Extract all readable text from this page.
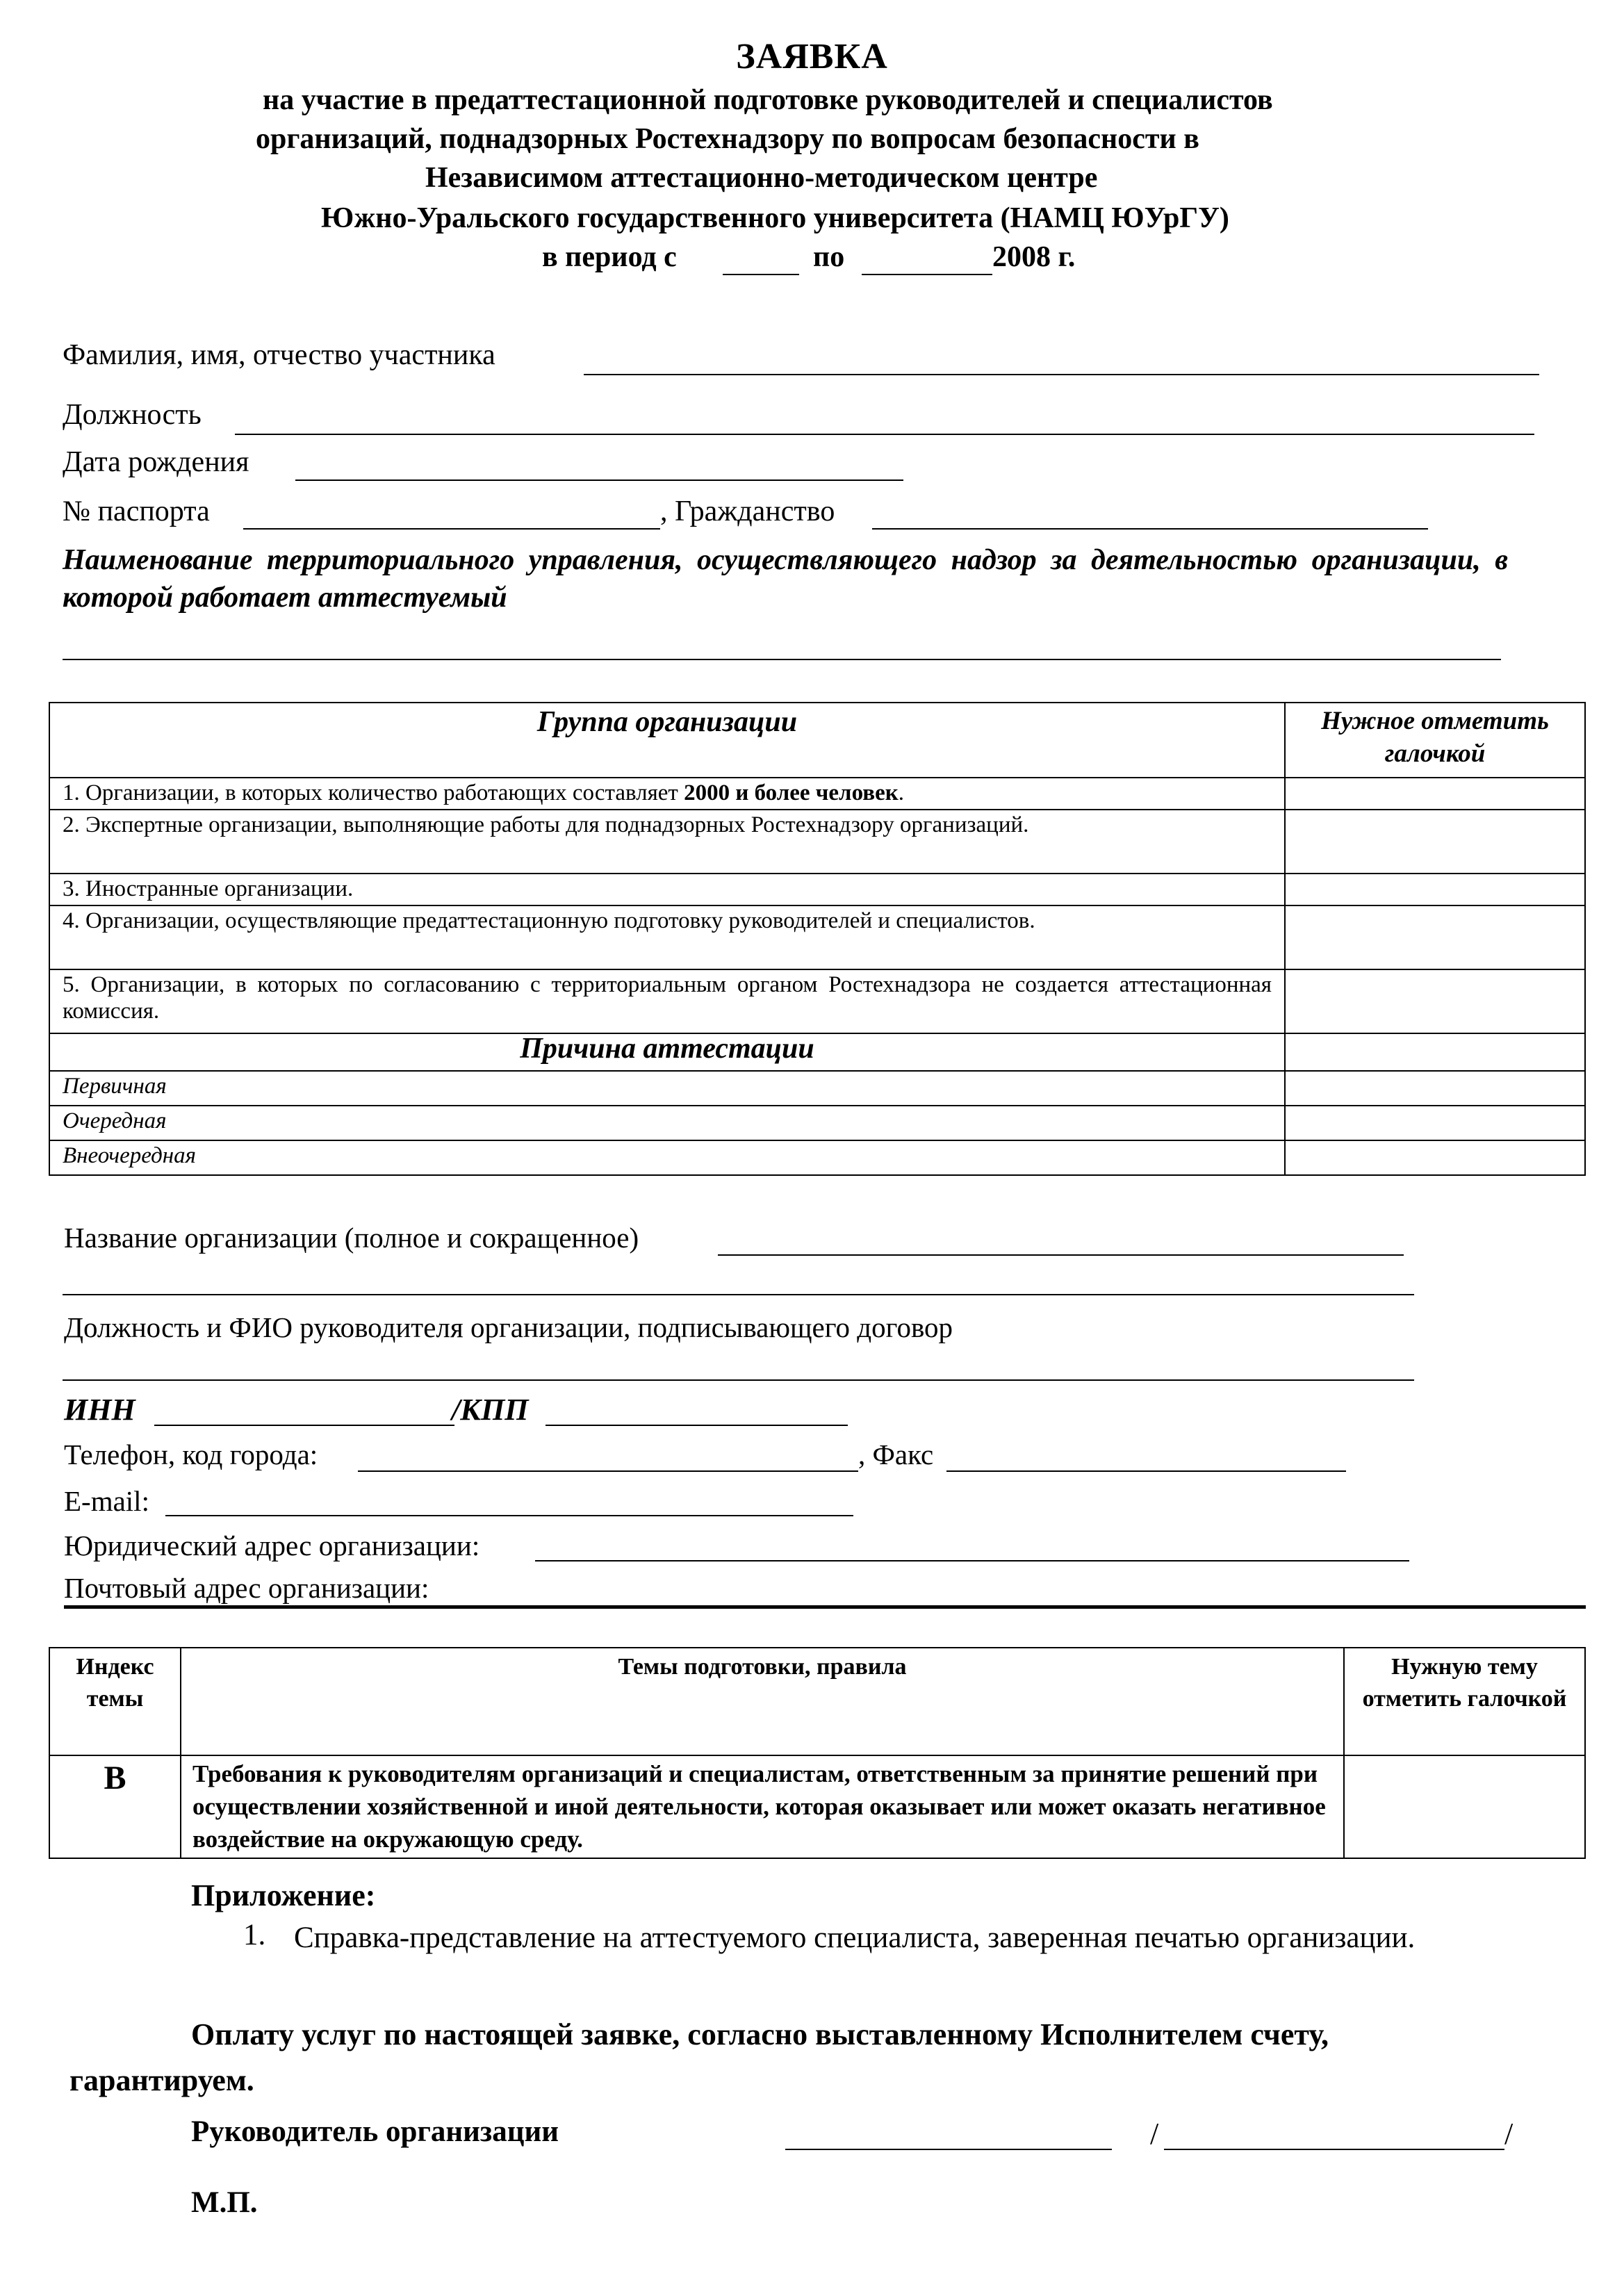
ЗАЯВКА
на участие в предаттестационной подготовке руководителей и специалистов
организаций, поднадзорных Ростехнадзору по вопросам безопасности в
Независимом аттестационно-методическом центре
Южно-Уральского государственного университета (НАМЦ ЮУрГУ)
в период с	по	2008 г.
Фамилия, имя, отчество участника
Должность
Дата рождения
№ паспорта	, Гражданство
Наименование территориального управления, осуществляющего надзор за деятельностью организации, в которой работает аттестуемый
Группа организации	Нужное отметить галочкой
1. Организации, в которых количество работающих составляет 2000 и более человек.	
2. Экспертные организации, выполняющие работы для поднадзорных Ростехнадзору организаций.	
3. Иностранные организации.	
4. Организации, осуществляющие предаттестационную подготовку руководителей и специалистов.	
5. Организации, в которых по согласованию с территориальным органом Ростехнадзора не создается аттестационная комиссия.	
Причина аттестации	
Первичная	
Очередная	
Внеочередная	
Название организации (полное и сокращенное)
Должность и ФИО руководителя организации, подписывающего договор
ИНН	/КПП
Телефон, код города:	, Факс
E-mail:
Юридический адрес организации:
Почтовый адрес организации:
Индекс темы	Темы подготовки, правила	Нужную тему отметить галочкой
В	Требования к руководителям организаций и специалистам, ответственным за принятие решений при осуществлении хозяйственной и иной деятельности, которая оказывает или может оказать негативное воздействие на окружающую среду.	
Приложение:
1. Справка-представление на аттестуемого специалиста, заверенная печатью организации.
Оплату услуг по настоящей заявке, согласно выставленному Исполнителем счету,
гарантируем.
Руководитель организации	/	/
М.П.
